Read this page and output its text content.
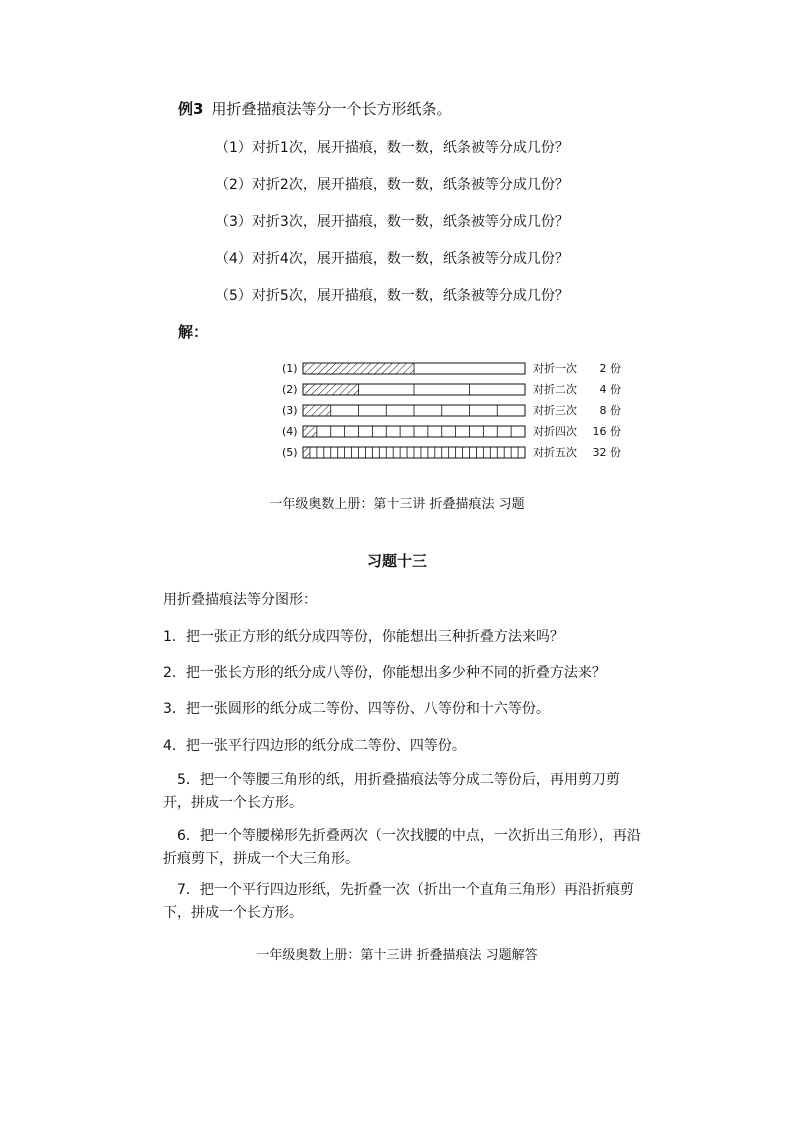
例3 用折叠描痕法等分一个长方形纸条。
（1）对折1次，展开描痕，数一数，纸条被等分成几份？
（2）对折2次，展开描痕，数一数，纸条被等分成几份？
（3）对折3次，展开描痕，数一数，纸条被等分成几份？
（4）对折4次，展开描痕，数一数，纸条被等分成几份？
（5）对折5次，展开描痕，数一数，纸条被等分成几份？
解：
(1)	对折一次 2 份
(2)	对折二次 4 份
(3)	对折三次 8 份
(4)	对折四次 16 份
(5)	对折五次 32 份
一年级奥数上册：第十三讲 折叠描痕法 习题
习题十三
用折叠描痕法等分图形：
1．把一张正方形的纸分成四等份，你能想出三种折叠方法来吗？
2．把一张长方形的纸分成八等份，你能想出多少种不同的折叠方法来？
3．把一张圆形的纸分成二等份、四等份、八等份和十六等份。
4．把一张平行四边形的纸分成二等份、四等份。
　5．把一个等腰三角形的纸，用折叠描痕法等分成二等份后，再用剪刀剪开，拼成一个长方形。
　6．把一个等腰梯形先折叠两次（一次找腰的中点，一次折出三角形），再沿折痕剪下，拼成一个大三角形。
　7．把一个平行四边形纸，先折叠一次（折出一个直角三角形）再沿折痕剪下，拼成一个长方形。
一年级奥数上册：第十三讲 折叠描痕法 习题解答
